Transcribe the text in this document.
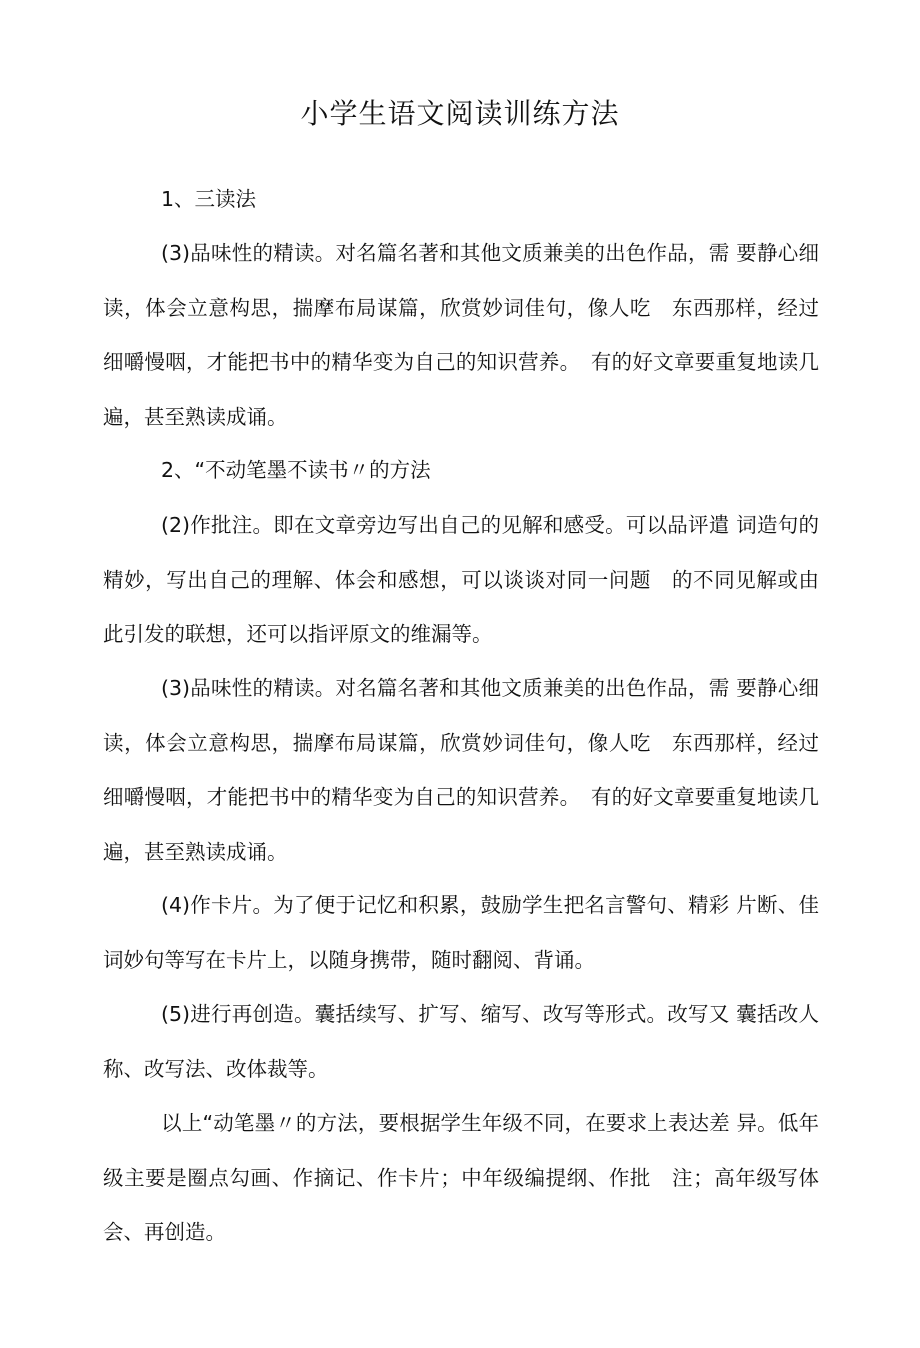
小学生语文阅读训练方法
1、三读法
(3)品味性的精读。对名篇名著和其他文质兼美的出色作品，需 要静心细读，体会立意构思，揣摩布局谋篇，欣赏妙词佳句，像人吃　东西那样，经过细嚼慢咽，才能把书中的精华变为自己的知识营养。　有的好文章要重复地读几遍，甚至熟读成诵。
2、“不动笔墨不读书〃的方法
(2)作批注。即在文章旁边写出自己的见解和感受。可以品评遣 词造句的精妙，写出自己的理解、体会和感想，可以谈谈对同一问题　的不同见解或由此引发的联想，还可以指评原文的维漏等。
(3)品味性的精读。对名篇名著和其他文质兼美的出色作品，需 要静心细读，体会立意构思，揣摩布局谋篇，欣赏妙词佳句，像人吃　东西那样，经过细嚼慢咽，才能把书中的精华变为自己的知识营养。　有的好文章要重复地读几遍，甚至熟读成诵。
(4)作卡片。为了便于记忆和积累，鼓励学生把名言警句、精彩 片断、佳词妙句等写在卡片上，以随身携带，随时翻阅、背诵。
(5)进行再创造。囊括续写、扩写、缩写、改写等形式。改写又 囊括改人称、改写法、改体裁等。
以上“动笔墨〃的方法，要根据学生年级不同，在要求上表达差 异。低年级主要是圈点勾画、作摘记、作卡片；中年级编提纲、作批　注；高年级写体会、再创造。
